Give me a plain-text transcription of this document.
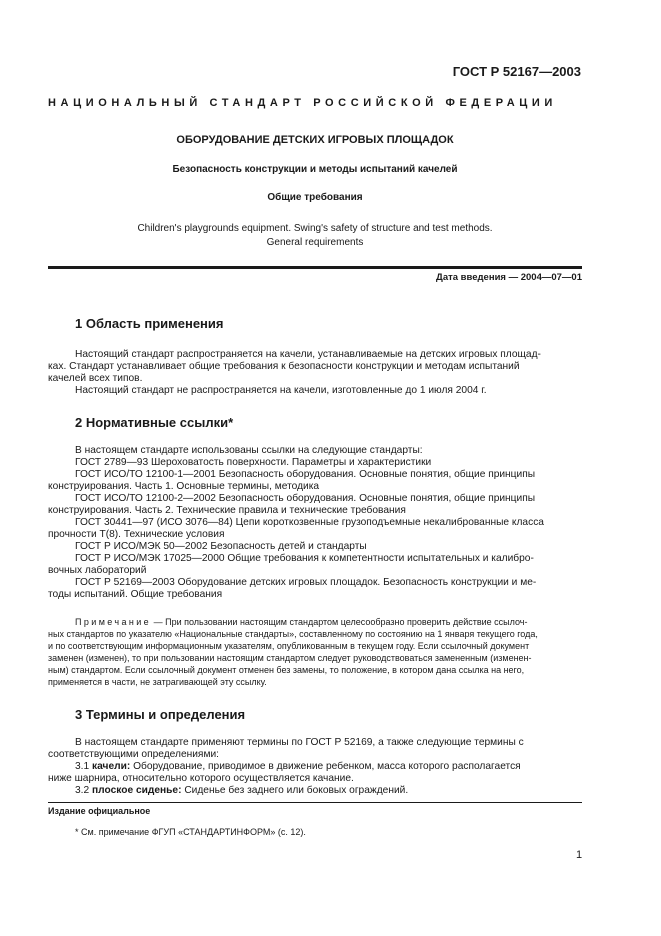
ГОСТ Р 52167—2003
НАЦИОНАЛЬНЫЙ СТАНДАРТ РОССИЙСКОЙ ФЕДЕРАЦИИ
ОБОРУДОВАНИЕ ДЕТСКИХ ИГРОВЫХ ПЛОЩАДОК
Безопасность конструкции и методы испытаний качелей
Общие требования
Children's playgrounds equipment. Swing's safety of structure and test methods.
General requirements
Дата введения — 2004—07—01
1 Область применения
Настоящий стандарт распространяется на качели, устанавливаемые на детских игровых площад-
ках. Стандарт устанавливает общие требования к безопасности конструкции и методам испытаний
качелей всех типов.
Настоящий стандарт не распространяется на качели, изготовленные до 1 июля 2004 г.
2 Нормативные ссылки*
В настоящем стандарте использованы ссылки на следующие стандарты:
ГОСТ 2789—93 Шероховатость поверхности. Параметры и характеристики
ГОСТ ИСО/ТО 12100-1—2001 Безопасность оборудования. Основные понятия, общие принципы
конструирования. Часть 1. Основные термины, методика
ГОСТ ИСО/ТО 12100-2—2002 Безопасность оборудования. Основные понятия, общие принципы
конструирования. Часть 2. Технические правила и технические требования
ГОСТ 30441—97 (ИСО 3076—84) Цепи короткозвенные грузоподъемные некалиброванные класса
прочности Т(8). Технические условия
ГОСТ Р ИСО/МЭК 50—2002 Безопасность детей и стандарты
ГОСТ Р ИСО/МЭК 17025—2000 Общие требования к компетентности испытательных и калибро-
вочных лабораторий
ГОСТ Р 52169—2003 Оборудование детских игровых площадок. Безопасность конструкции и ме-
тоды испытаний. Общие требования
Примечание — При пользовании настоящим стандартом целесообразно проверить действие ссылоч-
ных стандартов по указателю «Национальные стандарты», составленному по состоянию на 1 января текущего года,
и по соответствующим информационным указателям, опубликованным в текущем году. Если ссылочный документ
заменен (изменен), то при пользовании настоящим стандартом следует руководствоваться замененным (изменен-
ным) стандартом. Если ссылочный документ отменен без замены, то положение, в котором дана ссылка на него,
применяется в части, не затрагивающей эту ссылку.
3 Термины и определения
В настоящем стандарте применяют термины по ГОСТ Р 52169, а также следующие термины с
соответствующими определениями:
3.1 качели: Оборудование, приводимое в движение ребенком, масса которого располагается
ниже шарнира, относительно которого осуществляется качание.
3.2 плоское сиденье: Сиденье без заднего или боковых ограждений.
Издание официальное
* См. примечание ФГУП «СТАНДАРТИНФОРМ» (с. 12).
1
